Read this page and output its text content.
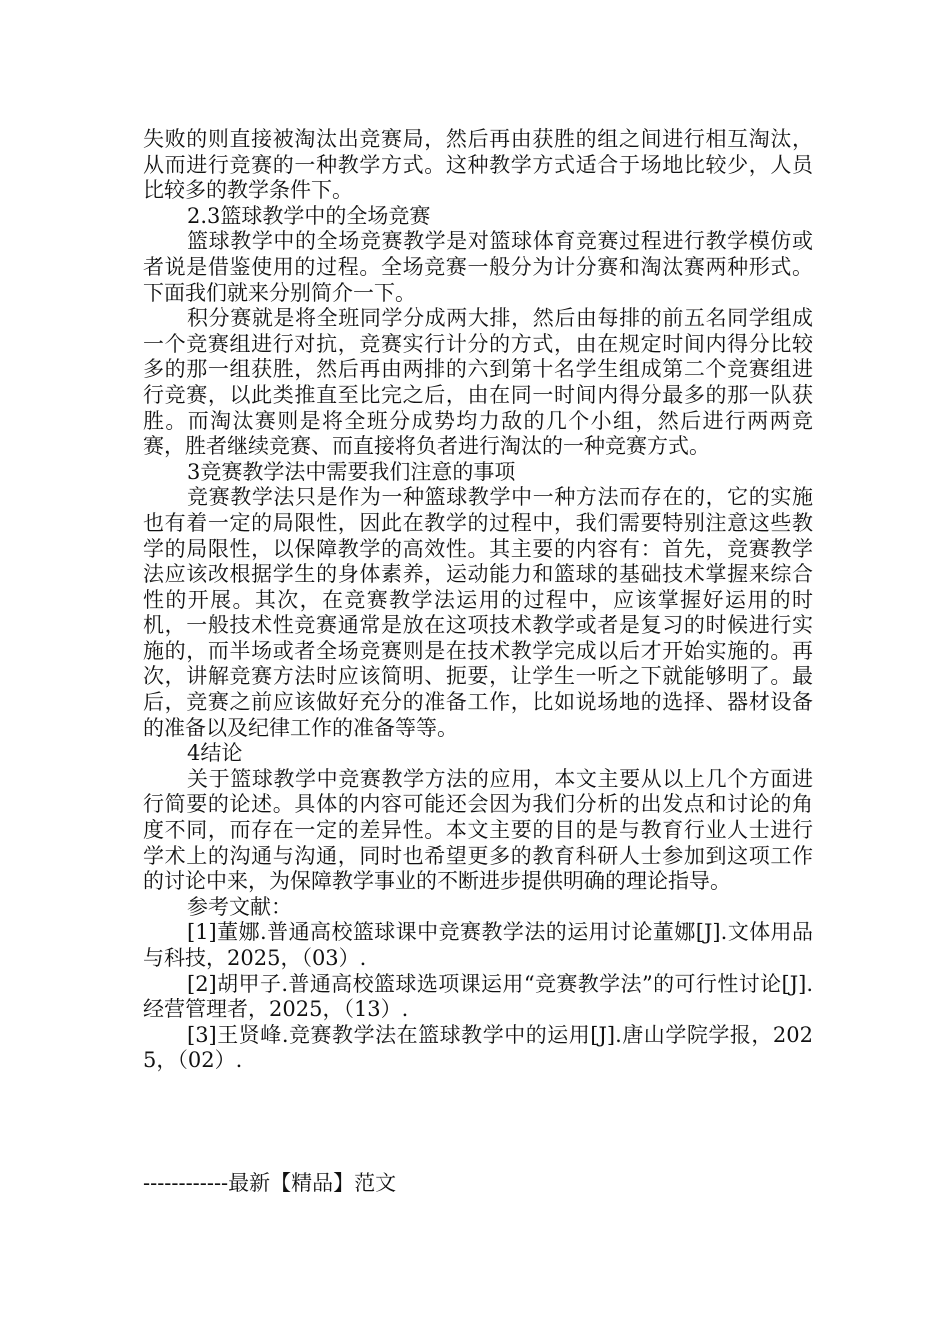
失败的则直接被淘汰出竞赛局，然后再由获胜的组之间进行相互淘汰，从而进行竞赛的一种教学方式。这种教学方式适合于场地比较少，人员比较多的教学条件下。

2.3篮球教学中的全场竞赛

篮球教学中的全场竞赛教学是对篮球体育竞赛过程进行教学模仿或者说是借鉴使用的过程。全场竞赛一般分为计分赛和淘汰赛两种形式。下面我们就来分别简介一下。

积分赛就是将全班同学分成两大排，然后由每排的前五名同学组成一个竞赛组进行对抗，竞赛实行计分的方式，由在规定时间内得分比较多的那一组获胜，然后再由两排的六到第十名学生组成第二个竞赛组进行竞赛，以此类推直至比完之后，由在同一时间内得分最多的那一队获胜。而淘汰赛则是将全班分成势均力敌的几个小组，然后进行两两竞赛，胜者继续竞赛、而直接将负者进行淘汰的一种竞赛方式。

3竞赛教学法中需要我们注意的事项

竞赛教学法只是作为一种篮球教学中一种方法而存在的，它的实施也有着一定的局限性，因此在教学的过程中，我们需要特别注意这些教学的局限性，以保障教学的高效性。其主要的内容有：首先，竞赛教学法应该改根据学生的身体素养，运动能力和篮球的基础技术掌握来综合性的开展。其次，在竞赛教学法运用的过程中，应该掌握好运用的时机，一般技术性竞赛通常是放在这项技术教学或者是复习的时候进行实施的，而半场或者全场竞赛则是在技术教学完成以后才开始实施的。再次，讲解竞赛方法时应该简明、扼要，让学生一听之下就能够明了。最后，竞赛之前应该做好充分的准备工作，比如说场地的选择、器材设备的准备以及纪律工作的准备等等。

4结论

关于篮球教学中竞赛教学方法的应用，本文主要从以上几个方面进行简要的论述。具体的内容可能还会因为我们分析的出发点和讨论的角度不同，而存在一定的差异性。本文主要的目的是与教育行业人士进行学术上的沟通与沟通，同时也希望更多的教育科研人士参加到这项工作的讨论中来，为保障教学事业的不断进步提供明确的理论指导。

参考文献：

[1]董娜.普通高校篮球课中竞赛教学法的运用讨论董娜[J].文体用品与科技，2025，（03）.

[2]胡甲子.普通高校篮球选项课运用“竞赛教学法”的可行性讨论[J].经营管理者，2025，（13）.

[3]王贤峰.竞赛教学法在篮球教学中的运用[J].唐山学院学报，2025，（02）.

------------最新【精品】范文
